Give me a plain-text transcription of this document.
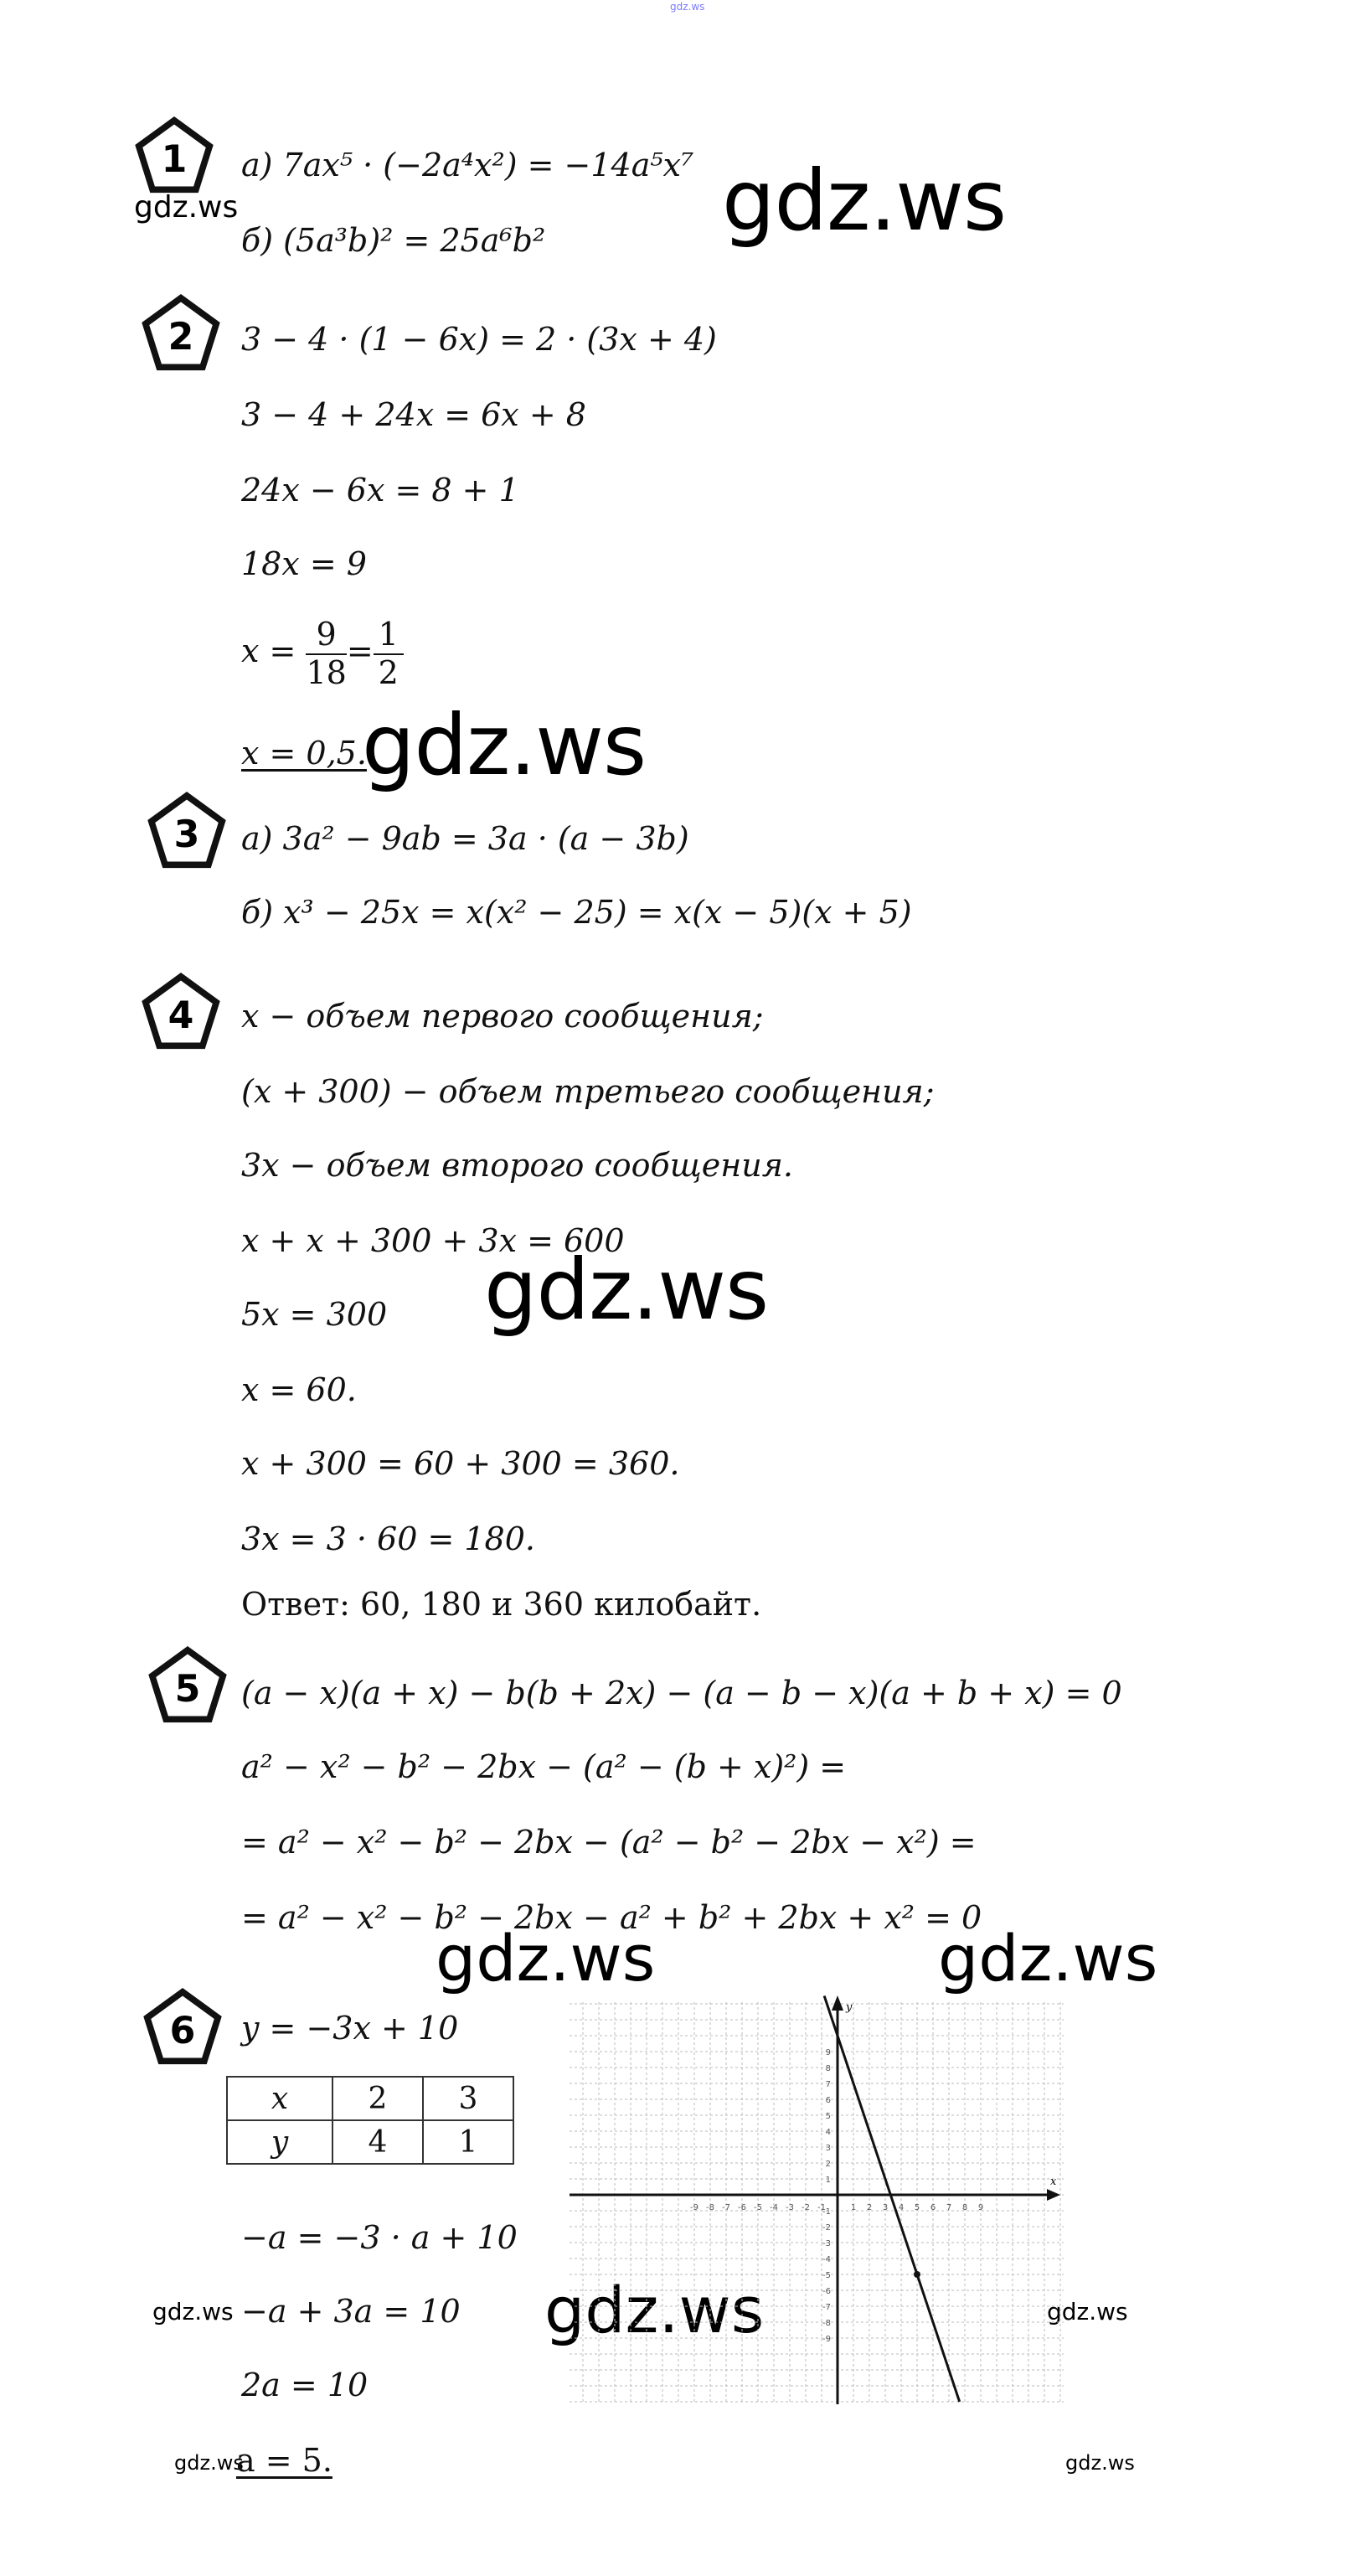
gdz.ws
1 а) 7ax⁵ · (−2a⁴x²) = −14a⁵x⁷
gdz.ws	gdz.ws
б) (5a³b)² = 25a⁶b²
2 3 − 4 · (1 − 6x) = 2 · (3x + 4)
3 − 4 + 24x = 6x + 8
24x − 6x = 8 + 1
18x = 9
$x = \frac{9}{18} = \frac{1}{2}$
x = 0,5.
gdz.ws
3 а) 3a² − 9ab = 3a · (a − 3b)
б) x³ − 25x = x(x² − 25) = x(x − 5)(x + 5)
4 x − объем первого сообщения;
(x + 300) − объем третьего сообщения;
3x − объем второго сообщения.
x + x + 300 + 3x = 600
gdz.ws
5x = 300
x = 60.
x + 300 = 60 + 300 = 360.
3x = 3 · 60 = 180.
Ответ: 60, 180 и 360 килобайт.
5 (a − x)(a + x) − b(b + 2x) − (a − b − x)(a + b + x) = 0
a² − x² − b² − 2bx − (a² − (b + x)²) =
= a² − x² − b² − 2bx − (a² − b² − 2bx − x²) =
= a² − x² − b² − 2bx − a² + b² + 2bx + x² = 0
gdz.ws	gdz.ws
6 y = −3x + 10
x	2	3
y	4	1
−a = −3 · a + 10
gdz.ws −a + 3a = 10 gdz.ws
2a = 10
gdz.ws
gdz.ws
a = 5.	gdz.ws
x
y
-9 -8 -7 -6 -5 -4 -3 -2 -1	1 2 3 4 5 6 7 8 9
9
8
7
6
5
4
3
2
1
-1
-2
-3
-4
-5
-6
-7
-8
-9
